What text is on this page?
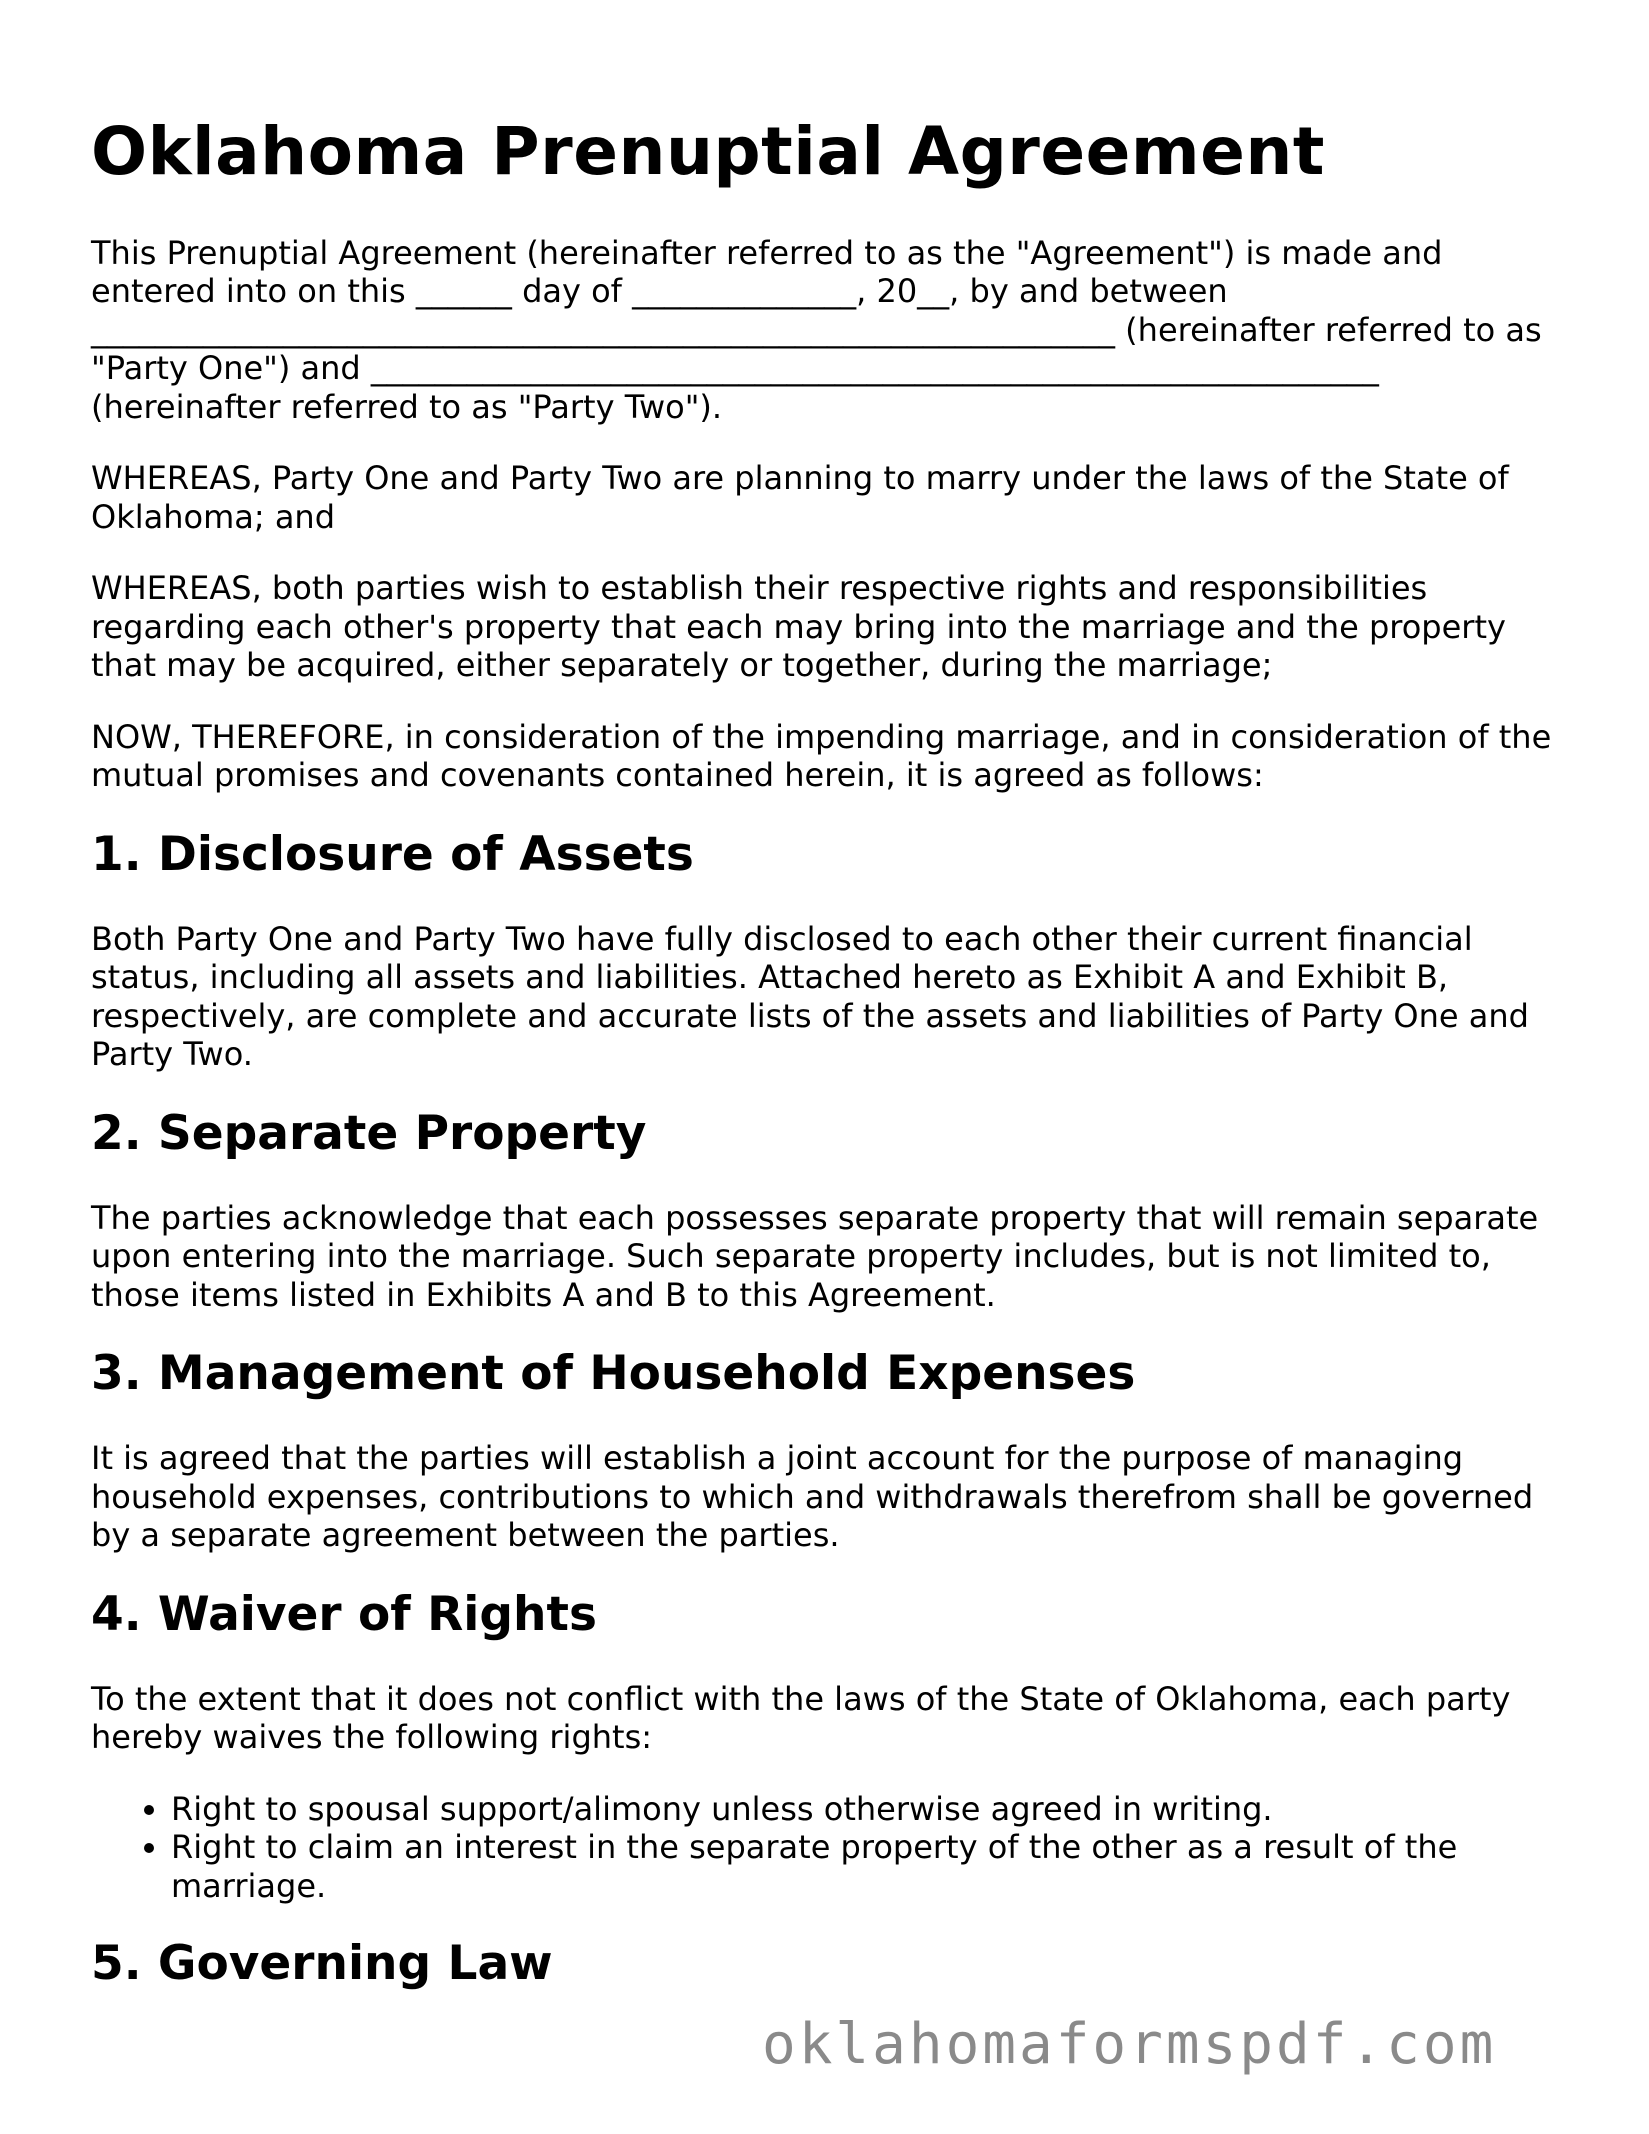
Oklahoma Prenuptial Agreement

This Prenuptial Agreement (hereinafter referred to as the "Agreement") is made and entered into on this ______ day of ______________, 20__, by and between ________________________________________________________________ (hereinafter referred to as "Party One") and _______________________________________________________________ (hereinafter referred to as "Party Two").

WHEREAS, Party One and Party Two are planning to marry under the laws of the State of Oklahoma; and

WHEREAS, both parties wish to establish their respective rights and responsibilities regarding each other's property that each may bring into the marriage and the property that may be acquired, either separately or together, during the marriage;

NOW, THEREFORE, in consideration of the impending marriage, and in consideration of the mutual promises and covenants contained herein, it is agreed as follows:

1. Disclosure of Assets

Both Party One and Party Two have fully disclosed to each other their current financial status, including all assets and liabilities. Attached hereto as Exhibit A and Exhibit B, respectively, are complete and accurate lists of the assets and liabilities of Party One and Party Two.

2. Separate Property

The parties acknowledge that each possesses separate property that will remain separate upon entering into the marriage. Such separate property includes, but is not limited to, those items listed in Exhibits A and B to this Agreement.

3. Management of Household Expenses

It is agreed that the parties will establish a joint account for the purpose of managing household expenses, contributions to which and withdrawals therefrom shall be governed by a separate agreement between the parties.

4. Waiver of Rights

To the extent that it does not conflict with the laws of the State of Oklahoma, each party hereby waives the following rights:

• Right to spousal support/alimony unless otherwise agreed in writing.
• Right to claim an interest in the separate property of the other as a result of the marriage.
5. Governing Law
oklahomaformspdf.com
